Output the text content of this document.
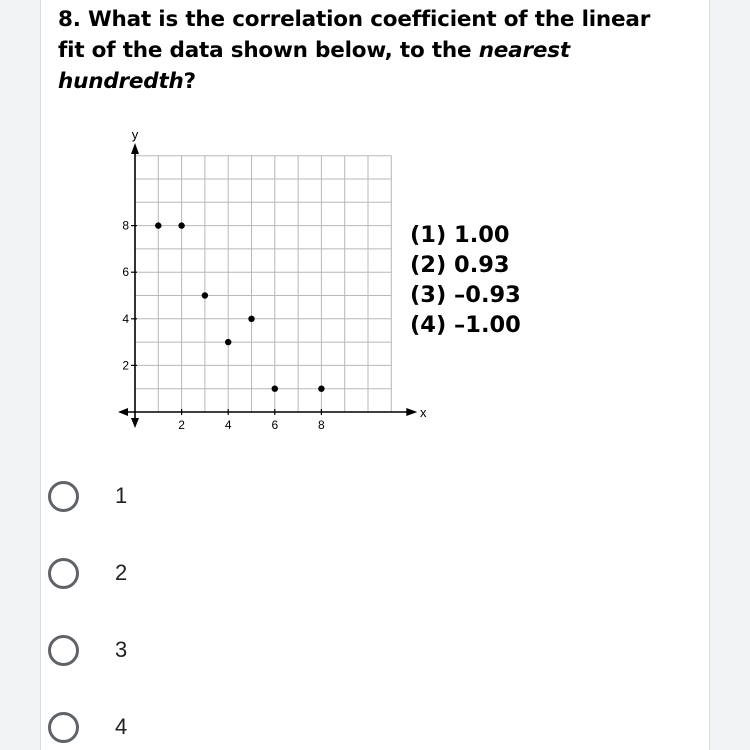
8. What is the correlation coefficient of the linear fit of the data shown below, to the nearest hundredth?

y
x
2	4	6	8
2
4
6
8	(1) 1.00
(2) 0.93
(3) –0.93
(4) –1.00
1
2
3
4
